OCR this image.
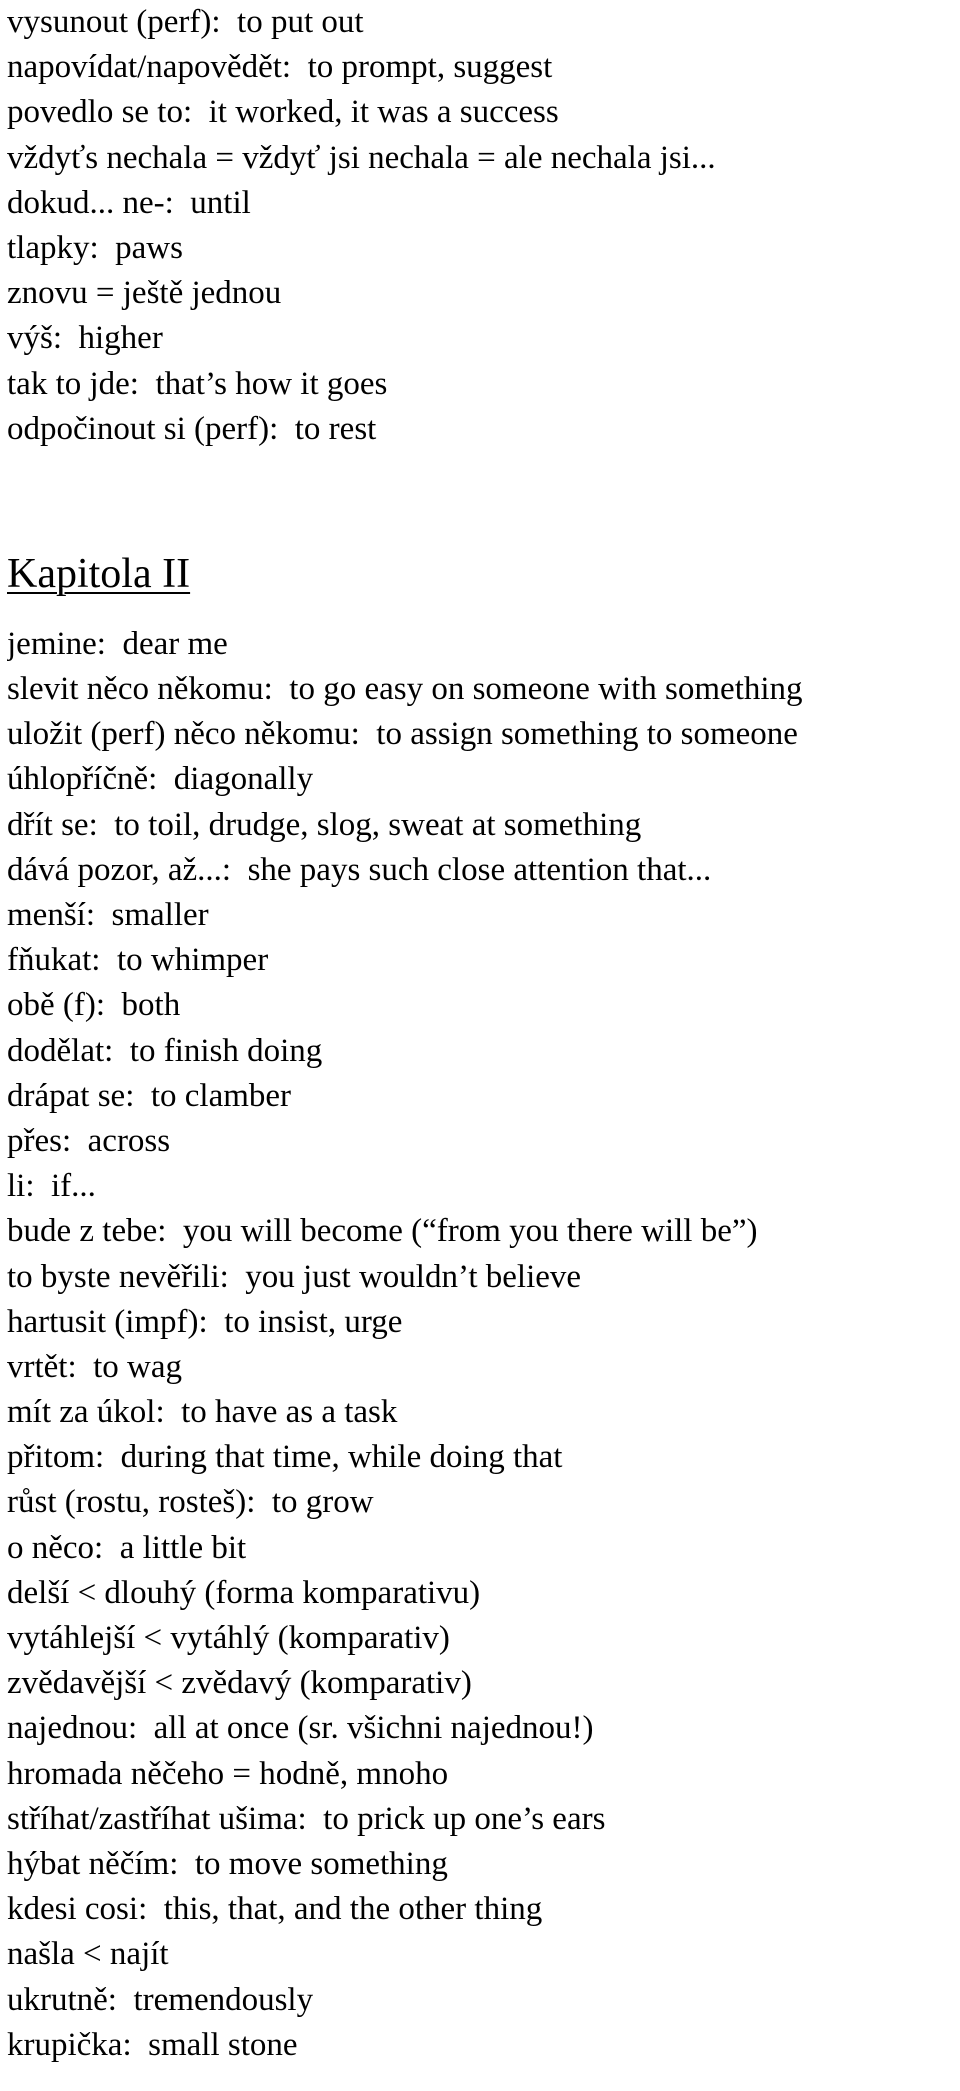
vysunout (perf):  to put out
napovídat/napovědět:  to prompt, suggest
povedlo se to:  it worked, it was a success
vždyťs nechala = vždyť jsi nechala = ale nechala jsi...
dokud... ne-:  until
tlapky:  paws
znovu = ještě jednou
výš:  higher
tak to jde:  that’s how it goes
odpočinout si (perf):  to rest
Kapitola II
jemine:  dear me
slevit něco někomu:  to go easy on someone with something
uložit (perf) něco někomu:  to assign something to someone
úhlopříčně:  diagonally
dřít se:  to toil, drudge, slog, sweat at something
dává pozor, až...:  she pays such close attention that...
menší:  smaller
fňukat:  to whimper
obě (f):  both
dodělat:  to finish doing
drápat se:  to clamber
přes:  across
li:  if...
bude z tebe:  you will become (“from you there will be”)
to byste nevěřili:  you just wouldn’t believe
hartusit (impf):  to insist, urge
vrtět:  to wag
mít za úkol:  to have as a task
přitom:  during that time, while doing that
růst (rostu, rosteš):  to grow
o něco:  a little bit
delší < dlouhý (forma komparativu)
vytáhlejší < vytáhlý (komparativ)
zvědavější < zvědavý (komparativ)
najednou:  all at once (sr. všichni najednou!)
hromada něčeho = hodně, mnoho
stříhat/zastříhat ušima:  to prick up one’s ears
hýbat něčím:  to move something
kdesi cosi:  this, that, and the other thing
našla < najít
ukrutně:  tremendously
krupička:  small stone
